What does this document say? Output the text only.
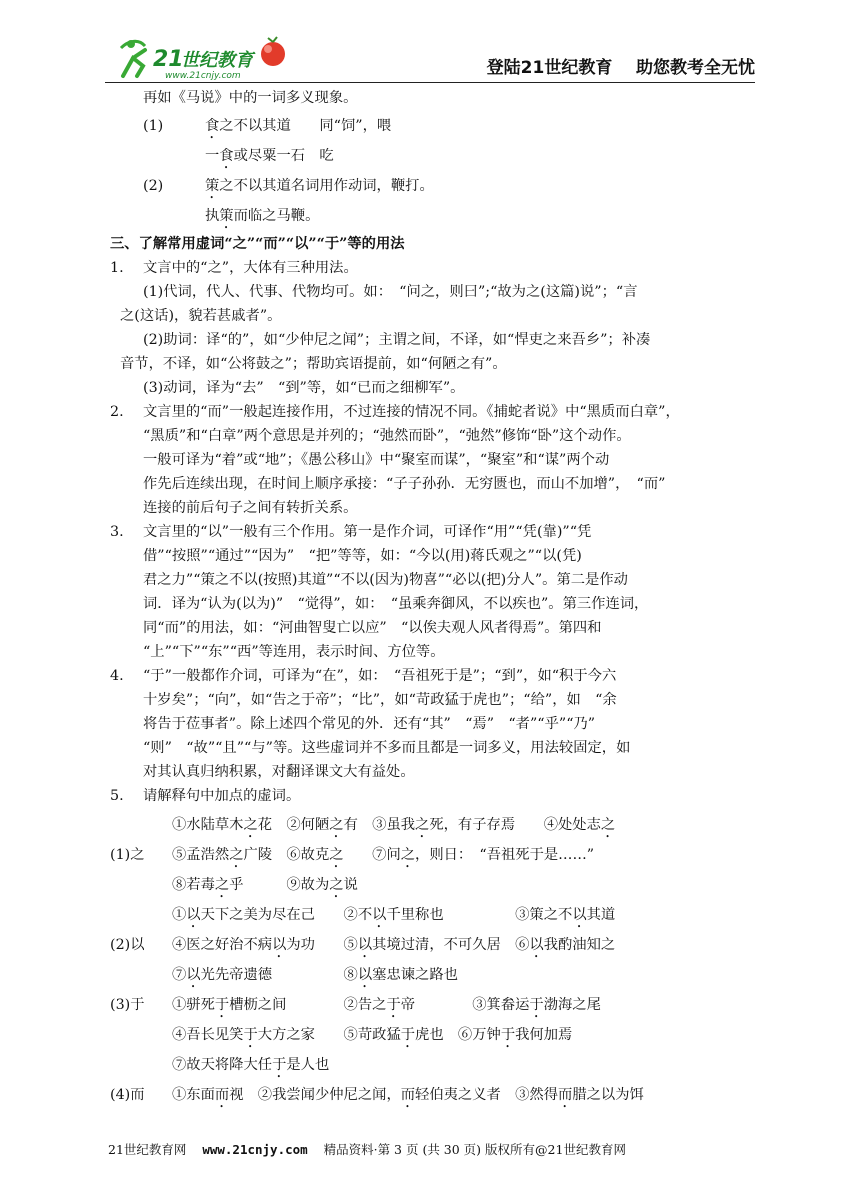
21
世纪教育
www.21cnjy.com	登陆21世纪教育    助您教考全无忧
再如《马说》中的一词多义现象。
(1)	食之不以其道　　同“饲”，喂
一食或尽粟一石　吃
(2)	策之不以其道名词用作动词，鞭打。
执策而临之马鞭。
三、了解常用虚词“之”“而”“以”“于”等的用法
1. 文言中的“之”，大体有三种用法。
(1)代词，代人、代事、代物均可。如：　“问之，则曰”;“故为之(这篇)说”；“言
之(这话)，貌若甚戚者”。
(2)助词：译“的”，如“少仲尼之闻”；主谓之间，不译，如“悍吏之来吾乡”；补凑
音节，不译，如“公将鼓之”；帮助宾语提前，如“何陋之有”。
(3)动词，译为“去”　“到”等，如“已而之细柳军”。
2. 文言里的“而”一般起连接作用，不过连接的情况不同。《捕蛇者说》中“黑质而白章”，
“黑质”和“白章”两个意思是并列的；“弛然而卧”，“弛然”修饰“卧”这个动作。
一般可译为“着”或“地”；《愚公移山》中“聚室而谋”，“聚室”和“谋”两个动
作先后连续出现，在时间上顺序承接：“子子孙孙．无穷匮也，而山不加增”，　“而”
连接的前后句子之间有转折关系。
3. 文言里的“以”一般有三个作用。第一是作介词，可译作“用”“凭(靠)”“凭
借”“按照”“通过”“因为”　“把”等等，如：“今以(用)蒋氏观之”“以(凭)
君之力”“策之不以(按照)其道”“不以(因为)物喜”“必以(把)分人”。第二是作动
词．译为“认为(以为)”　“觉得”，如：　“虽乘奔御风，不以疾也”。第三作连词，
同“而”的用法，如：“河曲智叟亡以应”　“以俟夫观人风者得焉”。第四和
“上”“下”“东”“西”等连用，表示时间、方位等。
4. “于”一般都作介词，可译为“在”，如：　“吾祖死于是”；“到”，如“积于今六
十岁矣”；“向”，如“告之于帝”；“比”，如“苛政猛于虎也”；“给”，如　“余
将告于莅事者”。除上述四个常见的外．还有“其”　“焉”　“者”“乎”“乃”
“则”　“故”“且”“与”等。这些虚词并不多而且都是一词多义，用法较固定，如
对其认真归纳积累，对翻译课文大有益处。
5. 请解释句中加点的虚词。
①水陆草木之花　②何陋之有　③虽我之死，有子存焉　　④处处志之
(1)之 ⑤孟浩然之广陵　⑥故克之　　⑦问之，则日：　“吾祖死于是……”
⑧若毒之乎　　　⑨故为之说
①以天下之美为尽在己　　②不以千里称也　　　　　③策之不以其道
(2)以 ④医之好治不病以为功　　⑤以其境过清，不可久居　⑥以我酌油知之
⑦以光先帝遗德　　　　　⑧以塞忠谏之路也
(3)于 ①骈死于槽枥之间　　　　②告之于帝　　　　③箕畚运于渤海之尾
④吾长见笑于大方之家　　⑤苛政猛于虎也　⑥万钟于我何加焉
⑦故天将降大任于是人也
(4)而 ①东面而视　②我尝闻少仲尼之闻，而轻伯夷之义者　③然得而腊之以为饵
21世纪教育网 www.21cnjy.com 精品资料·第 3 页 (共 30 页) 版权所有@21世纪教育网
